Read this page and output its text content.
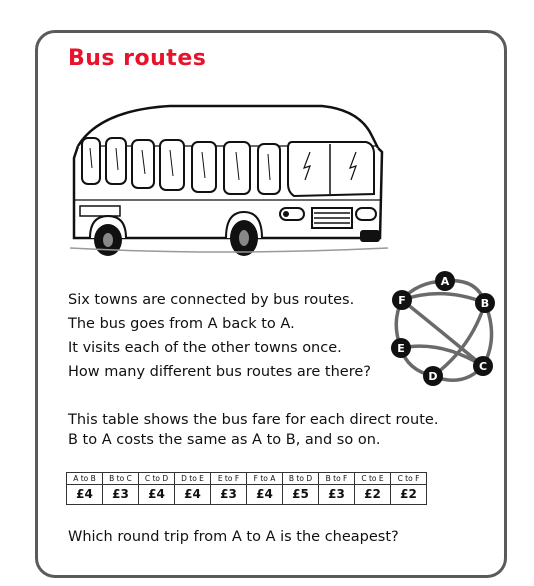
Bus routes
Six towns are connected by bus routes.
The bus goes from A back to A.
It visits each of the other towns once.
How many different bus routes are there?
A
B
C
D
E
F
This table shows the bus fare for each direct route.
B to A costs the same as A to B, and so on.
A to B	B to C	C to D	D to E	E to F	F to A	B to D	B to F	C to E	C to F
£4	£3	£4	£4	£3	£4	£5	£3	£2	£2
Which round trip from A to A is the cheapest?
